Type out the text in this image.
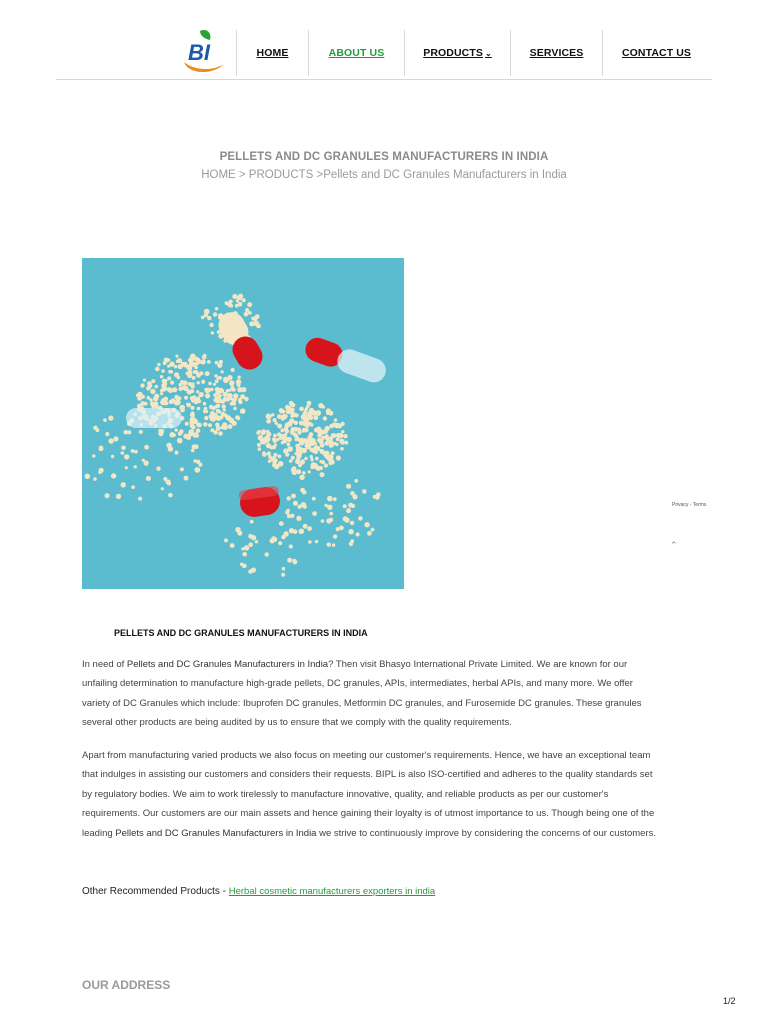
BI	HOME	ABOUT US	PRODUCTS ⌄	SERVICES	CONTACT US
PELLETS AND DC GRANULES MANUFACTURERS IN INDIA
HOME > PRODUCTS >Pellets and DC Granules Manufacturers in India
Privacy - Terms
⌃
PELLETS AND DC GRANULES MANUFACTURERS IN INDIA
In need of Pellets and DC Granules Manufacturers in India? Then visit Bhasyo International Private Limited. We are known for our unfailing determination to manufacture high-grade pellets, DC granules, APIs, intermediates, herbal APIs, and many more. We offer variety of DC Granules which include: Ibuprofen DC granules, Metformin DC granules, and Furosemide DC granules. These granules several other products are being audited by us to ensure that we comply with the quality requirements.
Apart from manufacturing varied products we also focus on meeting our customer's requirements. Hence, we have an exceptional team that indulges in assisting our customers and considers their requests. BIPL is also ISO-certified and adheres to the quality standards set by regulatory bodies. We aim to work tirelessly to manufacture innovative, quality, and reliable products as per our customer's requirements. Our customers are our main assets and hence gaining their loyalty is of utmost importance to us. Though being one of the leading Pellets and DC Granules Manufacturers in India we strive to continuously improve by considering the concerns of our customers.
Other Recommended Products - Herbal cosmetic manufacturers exporters in india
OUR ADDRESS
1/2
